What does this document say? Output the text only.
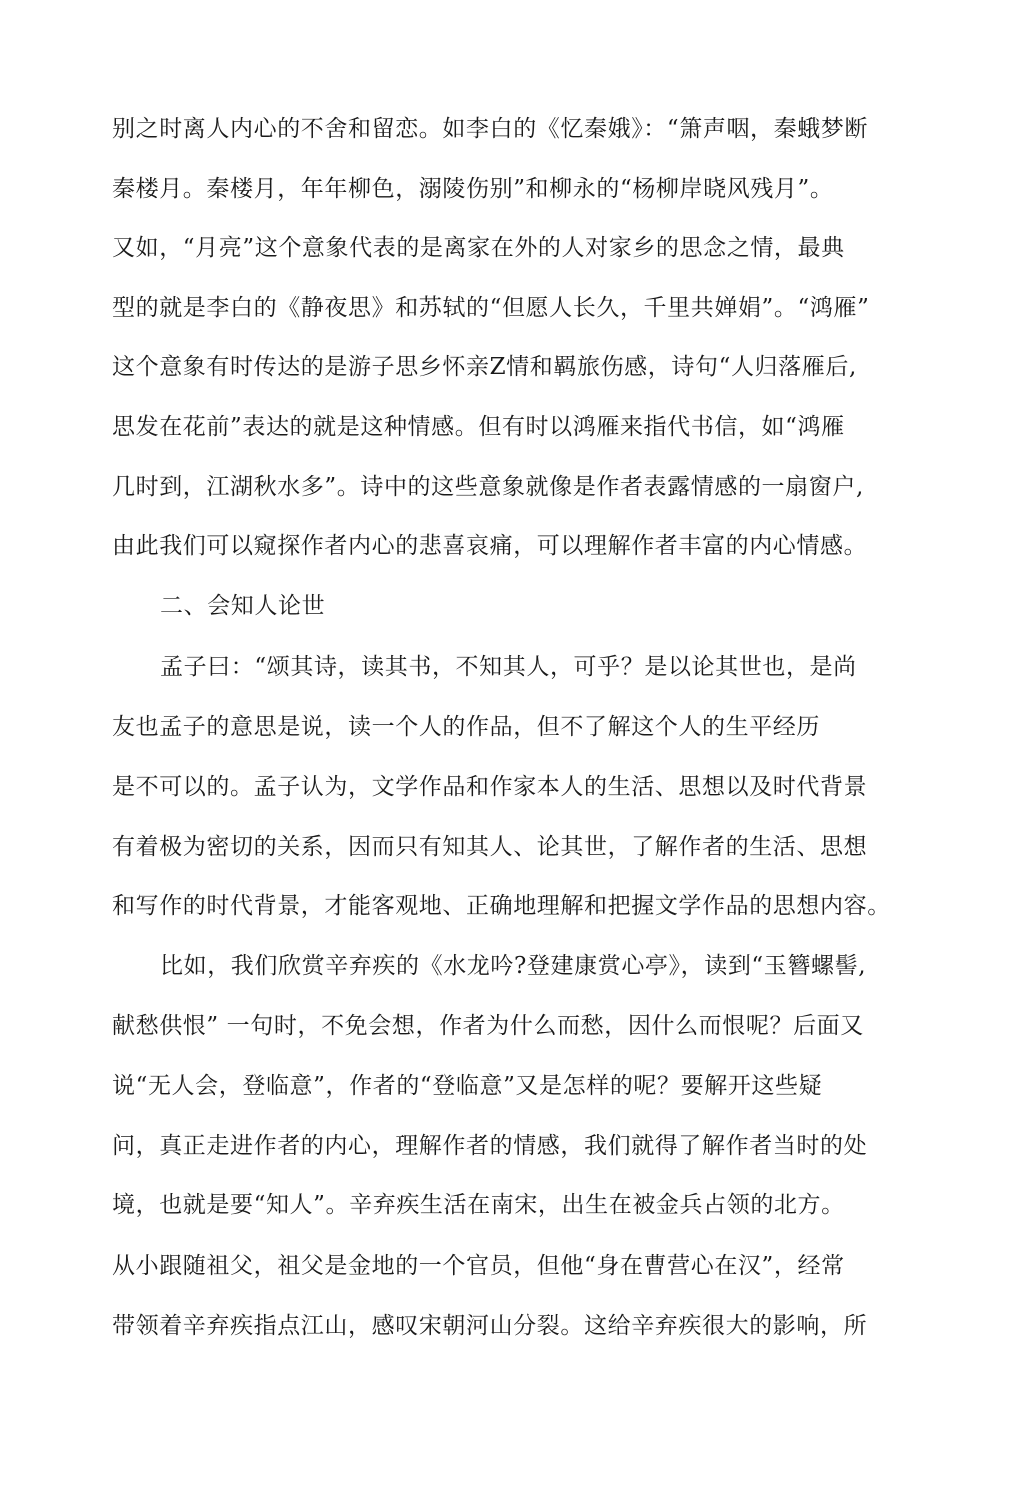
别之时离人内心的不舍和留恋。如李白的《忆秦娥》：“箫声咽，秦蛾梦断
秦楼月。秦楼月，年年柳色，溺陵伤别”和柳永的“杨柳岸晓风残月”。
又如，“月亮”这个意象代表的是离家在外的人对家乡的思念之情，最典
型的就是李白的《静夜思》和苏轼的“但愿人长久，千里共婵娟”。“鸿雁”
这个意象有时传达的是游子思乡怀亲Z情和羁旅伤感，诗句“人归落雁后,
思发在花前”表达的就是这种情感。但有时以鸿雁来指代书信，如“鸿雁
几时到，江湖秋水多”。诗中的这些意象就像是作者表露情感的一扇窗户,
由此我们可以窥探作者内心的悲喜哀痛，可以理解作者丰富的内心情感。
二、会知人论世
孟子曰：“颂其诗，读其书，不知其人，可乎？是以论其世也，是尚
友也孟子的意思是说，读一个人的作品，但不了解这个人的生平经历
是不可以的。孟子认为，文学作品和作家本人的生活、思想以及时代背景
有着极为密切的关系，因而只有知其人、论其世，了解作者的生活、思想
和写作的时代背景，才能客观地、正确地理解和把握文学作品的思想内容。
比如，我们欣赏辛弃疾的《水龙吟?登建康赏心亭》，读到“玉簪螺髻,
献愁供恨” 一句时，不免会想，作者为什么而愁，因什么而恨呢？后面又
说“无人会，登临意”，作者的“登临意”又是怎样的呢？要解开这些疑
问，真正走进作者的内心，理解作者的情感，我们就得了解作者当时的处
境，也就是要“知人”。辛弃疾生活在南宋，出生在被金兵占领的北方。
从小跟随祖父，祖父是金地的一个官员，但他“身在曹营心在汉”，经常
带领着辛弃疾指点江山，感叹宋朝河山分裂。这给辛弃疾很大的影响，所
